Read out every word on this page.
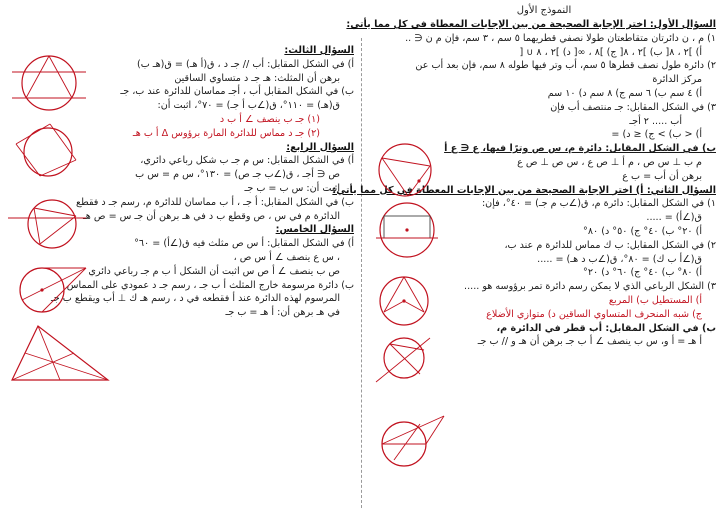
النموذج الأول
السؤال الأول: اختر الإجابة الصحيحة من بين الإجابات المعطاة في كل مما يأتي:
١) م ، ن دائرتان متقاطعتان طولا نصفي قطريهما ٥ سم ، ٣ سم، فإن م ن ∈ ..
أ) ]٢ ، ٨[ ب) ]٢ ، ٨[ ج) ]٨ ، ∞[ د) ]٢ ، ٨ ∪ [
٢) دائرة طول نصف قطرها ٥ سم، أب وتر فيها طوله ٨ سم، فإن بعد أب عن
مركز الدائرة
أ) ٤ سم ب) ٦ سم ج) ٨ سم د) ١٠ سم
٣) في الشكل المقابل: جـ منتصف أب فإن
أب ..... ٢ أجـ
أ) < ب) > ج) ≤ د) =
ب) في الشكل المقابل: دائرة م، س ص وترًا فيها، ع ∈ ع أ
م ب ⊥ س ص ، م أ ⊥ ص ع ، س ص ⊥ ص ع
برهن أن أب = ب ع
السؤال الثاني: أ) اختر الإجابة الصحيحة من بين الإجابات المعطاة في كل مما يأتي:
١) في الشكل المقابل: دائرة م، ق(∠ب م جـ) = ٤٠°، فإن:
ق(∠أ) = .....
أ) ٢٠° ب) ٤٠° ج) ٥٠° د) ٨٠°
٢) في الشكل المقابل: ب ك مماس للدائرة م عند ب،
ق(∠أ ب ك) = ٨٠°، ق(∠ب د هـ) = .....
أ) ٨٠° ب) ٤٠° ج) ٦٠° د) ٢٠°
٣) الشكل الرباعي الذي لا يمكن رسم دائرة تمر برؤوسه هو .....
أ) المستطيل ب) المربع
ج) شبه المنحرف المتساوي الساقين د) متوازي الأضلاع
ب) في الشكل المقابل: أب قطر في الدائرة م،
أ هـ = أ و، س ب ينصف ∠ أ ب جـ برهن أن هـ و // ب جـ
السؤال الثالث:
أ) في الشكل المقابل: أب // جـ د ، ق(أ هـ) = ق(هـ ب)
برهن أن المثلث: هـ جـ د متساوي الساقين
ب) في الشكل المقابل أب ، أجـ مماسان للدائرة عند ب، جـ
ق(هـ) = ١١٠°، ق(∠ب أ جـ) = ٧٠°، اثبت أن:
(١) جـ ب ينصف ∠ أ ب د
(٢) جـ د مماس للدائرة المارة برؤوس Δ أ ب هـ
السؤال الرابع:
أ) في الشكل المقابل: س م جـ ب شكل رباعي دائري،
ص ∈ أجـ ، ق(∠ب جـ ص) = ١٣٠°، س م = س ب
اثبت أن: س ب = ب جـ
ب) في الشكل المقابل: أ جـ ، أ ب مماسان للدائرة م، رسم جـ د فقطع
الدائرة م في س ، ص وقطع ب د في هـ برهن أن جـ س = ص هـ
السؤال الخامس:
أ) في الشكل المقابل: أ س ص مثلث فيه ق(∠أ) = ٦٠°
، س ع ينصف ∠ أ س ص ،
ص ب ينصف ∠ أ ص س اثبت أن الشكل أ ب م جـ رباعي دائري
ب) دائرة مرسومة خارج المثلث أ ب جـ ، رسم جـ د عمودي على المماس
المرسوم لهذه الدائرة عند أ فقطعه في د ، رسم هـ ك ⊥ أب ويقطع ب جـ
في هـ برهن أن: أ هـ = ب جـ
